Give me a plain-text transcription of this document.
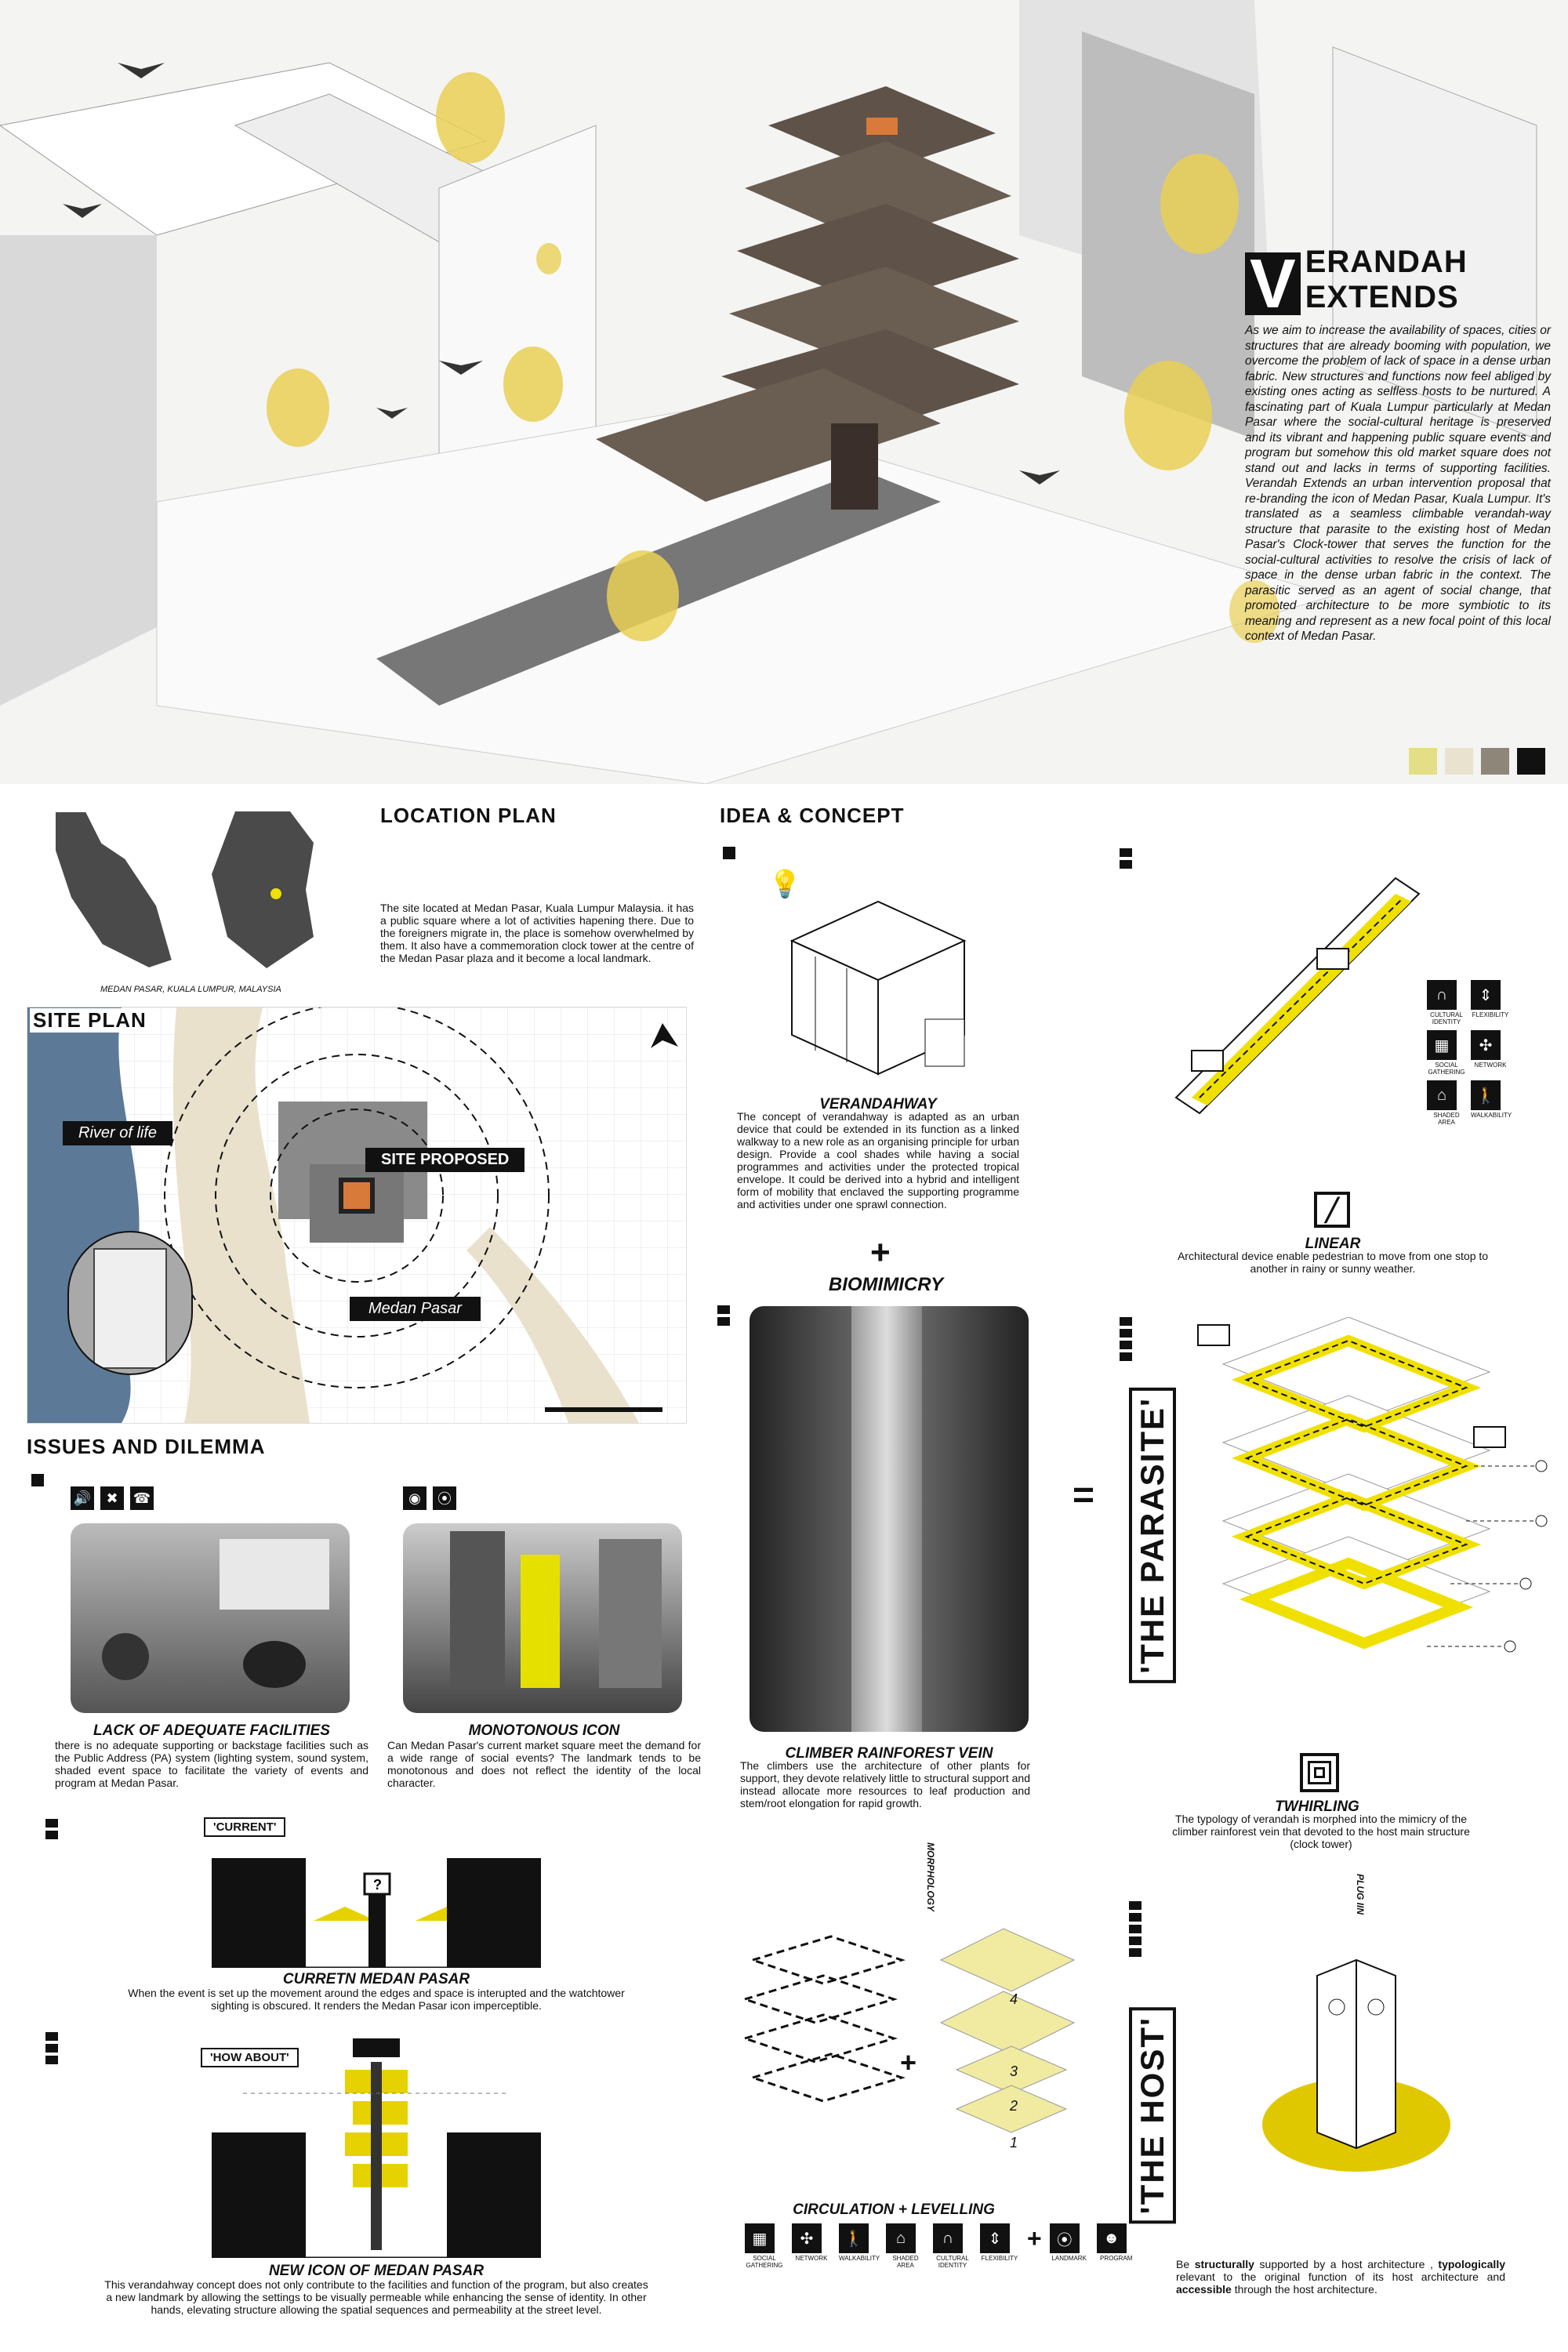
V ERANDAH EXTENDS
As we aim to increase the availability of spaces, cities or structures that are already booming with population, we overcome the problem of lack of space in a dense urban fabric. New structures and functions now feel abliged by existing ones acting as selfless hosts to be nurtured. A fascinating part of Kuala Lumpur particularly at Medan Pasar where the social-cultural heritage is preserved and its vibrant and happening public square events and program but somehow this old market square does not stand out and lacks in terms of supporting facilities. Verandah Extends an urban intervention proposal that re-branding the icon of Medan Pasar, Kuala Lumpur. It's translated as a seamless climbable verandah-way structure that parasite to the existing host of Medan Pasar's Clock-tower that serves the function for the social-cultural activities to resolve the crisis of lack of space in the dense urban fabric in the context. The parasitic served as an agent of social change, that promoted architecture to be more symbiotic to its meaning and represent as a new focal point of this local context of Medan Pasar.
MEDAN PASAR, KUALA LUMPUR, MALAYSIA
LOCATION PLAN
The site located at Medan Pasar, Kuala Lumpur Malaysia. it has a public square where a lot of activities hapening there. Due to the foreigners migrate in, the place is somehow overwhelmed by them. It also have a commemoration clock tower at the centre of the Medan Pasar plaza and it become a local landmark.
SITE PLAN
River of life
SITE PROPOSED
Medan Pasar
ISSUES AND DILEMMA
🔊	✖	☎
LACK OF ADEQUATE FACILITIES
there is no adequate supporting or backstage facilities such as the Public Address (PA) system (lighting system, sound system, shaded event space to facilitate the variety of events and program at Medan Pasar.
◉	⦿
MONOTONOUS ICON
Can Medan Pasar's current market square meet the demand for a wide range of social events? The landmark tends to be monotonous and does not reflect the identity of the local character.
'CURRENT'
?
CURRETN MEDAN PASAR
When the event is set up the movement around the edges and space is interupted and the watchtower sighting is obscured. It renders the Medan Pasar icon imperceptible.
'HOW ABOUT'
NEW ICON OF MEDAN PASAR
This verandahway concept does not only contribute to the facilities and function of the program, but also creates a new landmark by allowing the settings to be visually permeable while enhancing the sense of identity. In other hands, elevating structure allowing the spatial sequences and permeability at the street level.
IDEA & CONCEPT
💡
VERANDAHWAY
The concept of verandahway is adapted as an urban device that could be extended in its function as a linked walkway to a new role as an organising principle for urban design. Provide a cool shades while having a social programmes and activities under the protected tropical envelope. It could be derived into a hybrid and intelligent form of mobility that enclaved the supporting programme and activities under one sprawl connection.
+
BIOMIMICRY
CLIMBER RAINFOREST VEIN
The climbers use the architecture of other plants for support, they devote relatively little to structural support and instead allocate more resources to leaf production and stem/root elongation for rapid growth.
MORPHOLOGY
+
4
3
2
1
CIRCULATION + LEVELLING
▦
SOCIAL GATHERING
✣
NETWORK
🚶
WALKABILITY
⌂
SHADED AREA
∩
CULTURAL IDENTITY
⇕
FLEXIBILITY
+ ⦿
LANDMARK
☻
PROGRAM
∩
CULTURAL IDENTITY
⇕
FLEXIBILITY
▦
SOCIAL GATHERING
✣
NETWORK
⌂
SHADED AREA
🚶
WALKABILITY
╱
LINEAR
Architectural device enable pedestrian to move from one stop to another in rainy or sunny weather.
'THE PARASITE'
=
TWHIRLING
The typology of verandah is morphed into the mimicry of the climber rainforest vein that devoted to the host main structure (clock tower)
'THE HOST'
PLUG IIN
Be structurally supported by a host architecture , typologically relevant to the original function of its host architecture and accessible through the host architecture.
